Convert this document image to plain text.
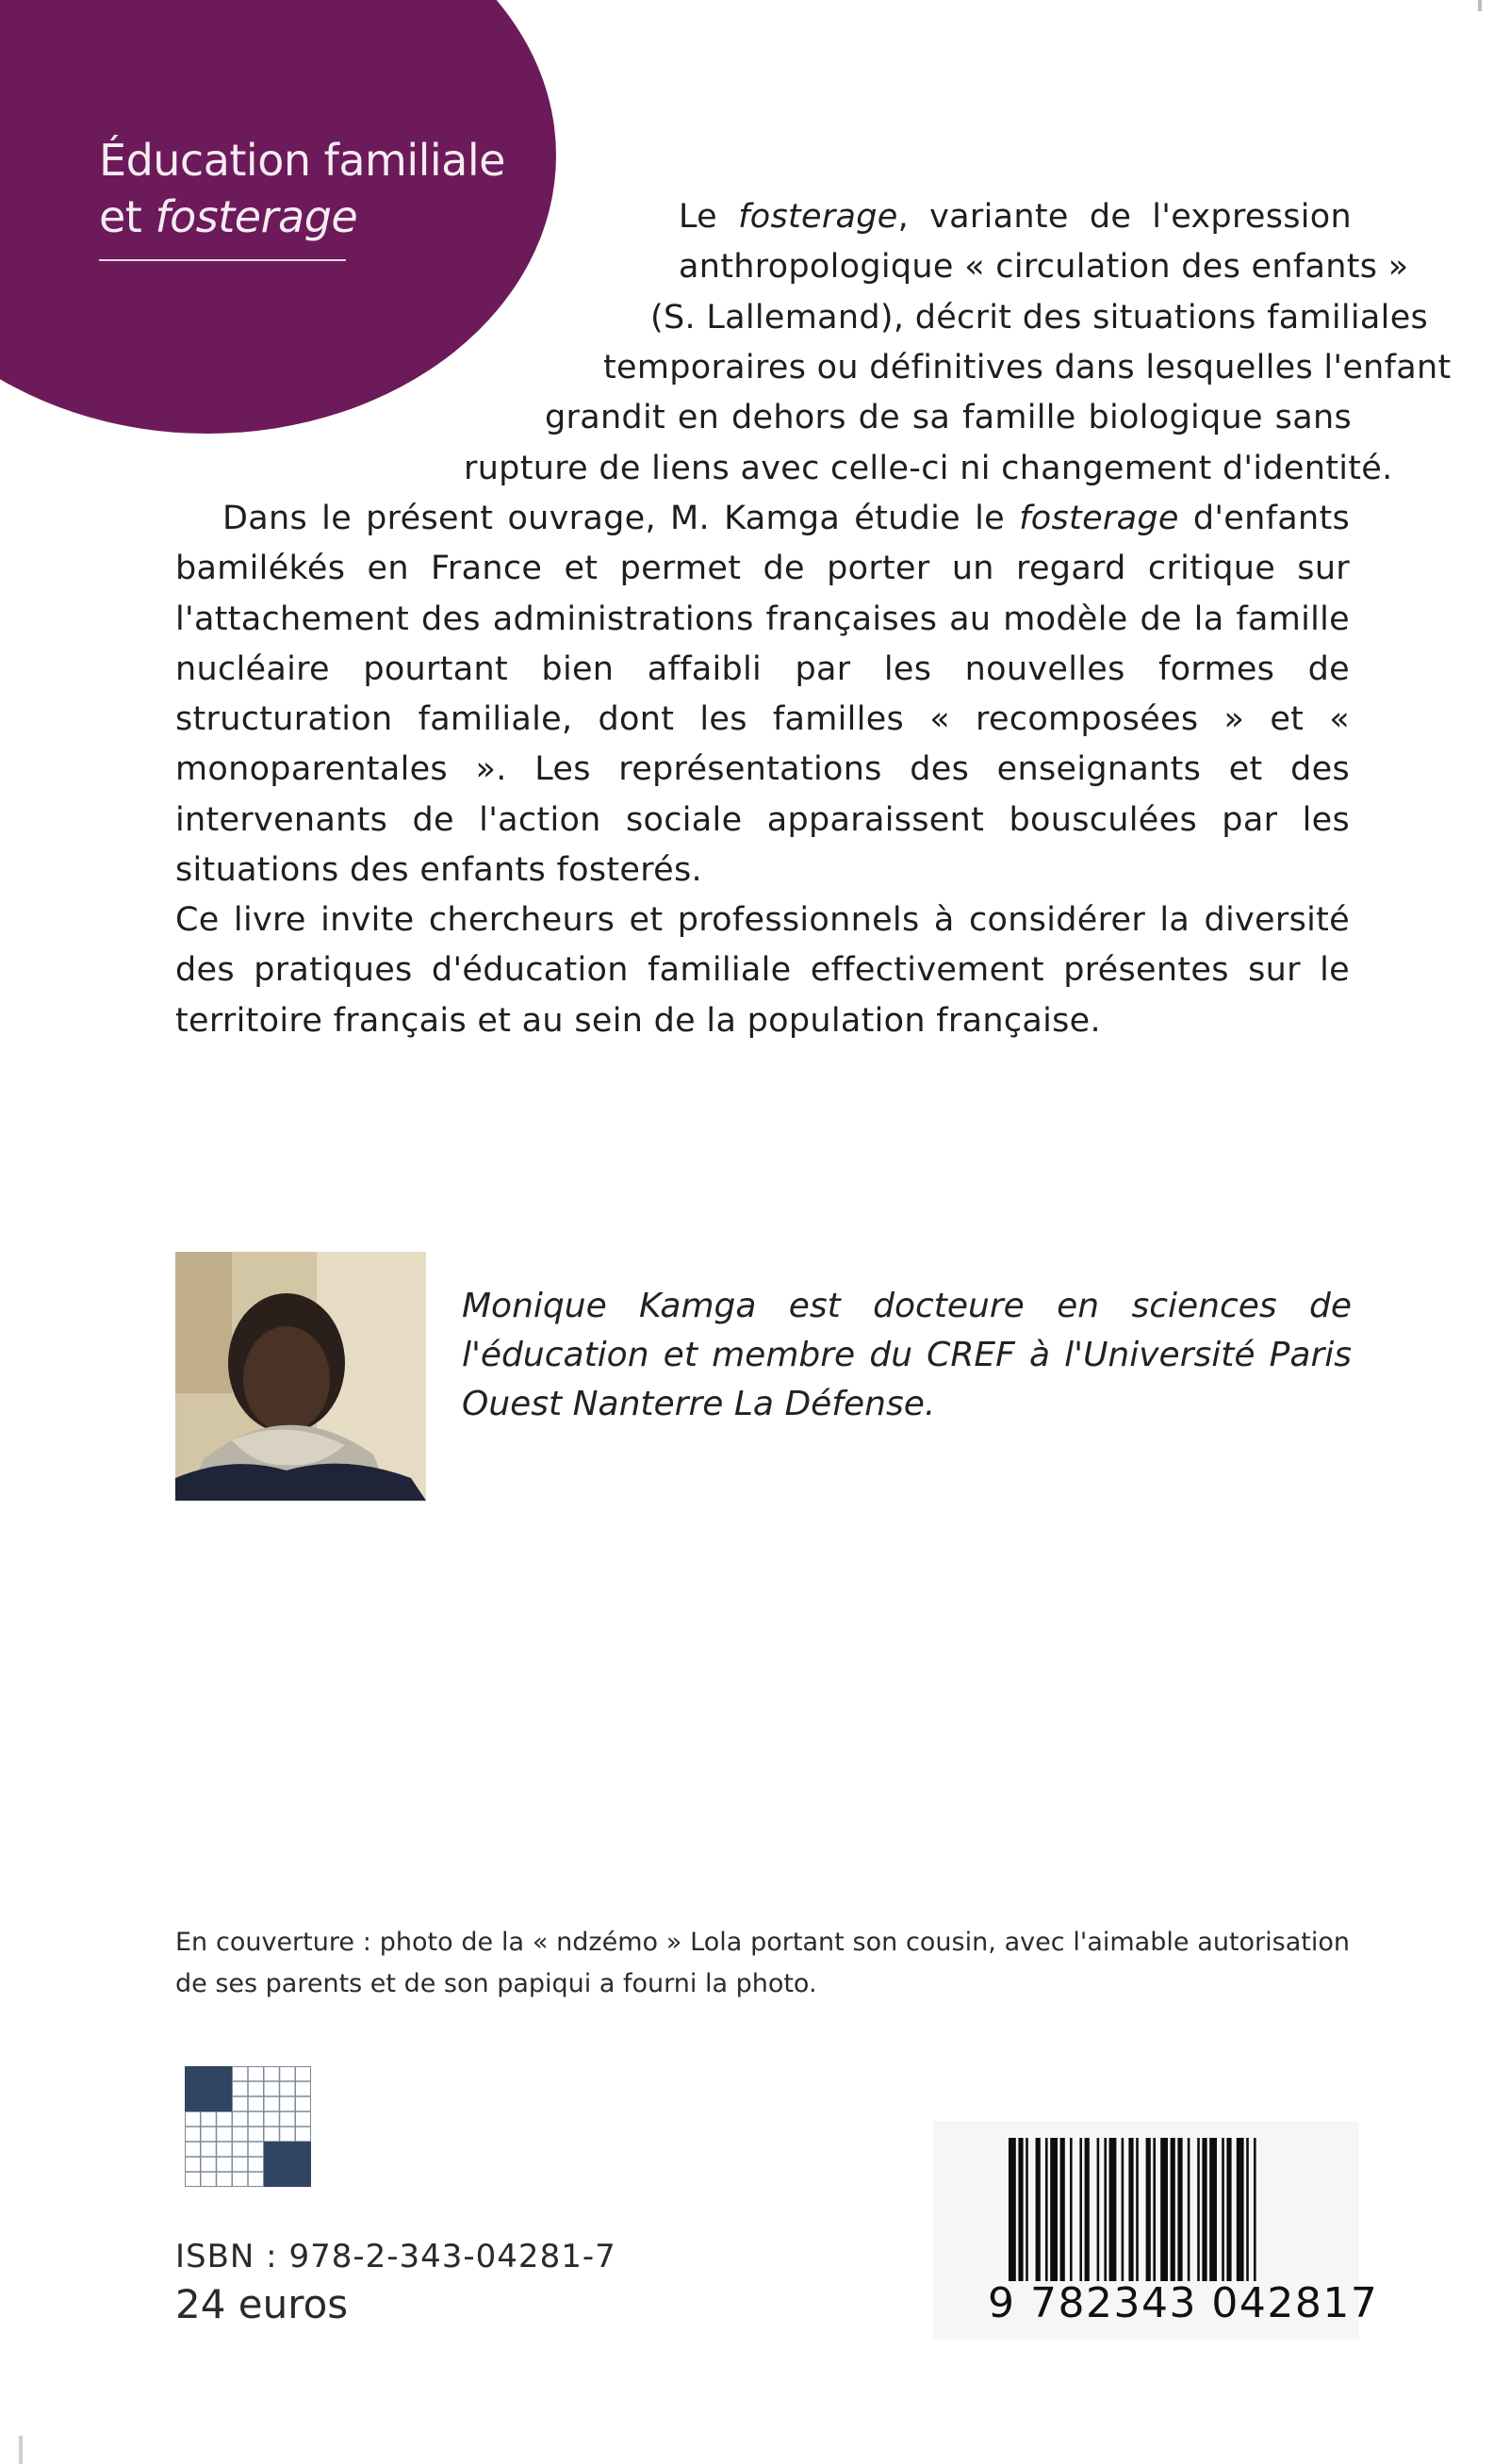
Éducation familiale
et fosterage	Le fosterage, variante de l'expression
anthropologique « circulation des enfants »
(S. Lallemand), décrit des situations familiales
temporaires ou définitives dans lesquelles l'enfant
grandit en dehors de sa famille biologique sans
rupture de liens avec celle-ci ni changement d'identité.

Dans le présent ouvrage, M. Kamga étudie le fosterage d'enfants bamilékés en France et permet de porter un regard critique sur l'attachement des administrations françaises au modèle de la famille nucléaire pourtant bien affaibli par les nouvelles formes de structuration familiale, dont les familles « recomposées » et « monoparentales ». Les représentations des enseignants et des intervenants de l'action sociale apparaissent bousculées par les situations des enfants fosterés.

Ce livre invite chercheurs et professionnels à considérer la diversité des pratiques d'éducation familiale effectivement présentes sur le territoire français et au sein de la population française.

Monique Kamga est docteure en sciences de l'éducation et membre du CREF à l'Université Paris Ouest Nanterre La Défense.

En couverture : photo de la « ndzémo » Lola portant son cousin, avec l'aimable autorisation de ses parents et de son papiqui a fourni la photo.

ISBN : 978-2-343-04281-7
24 euros	9 782343 042817
